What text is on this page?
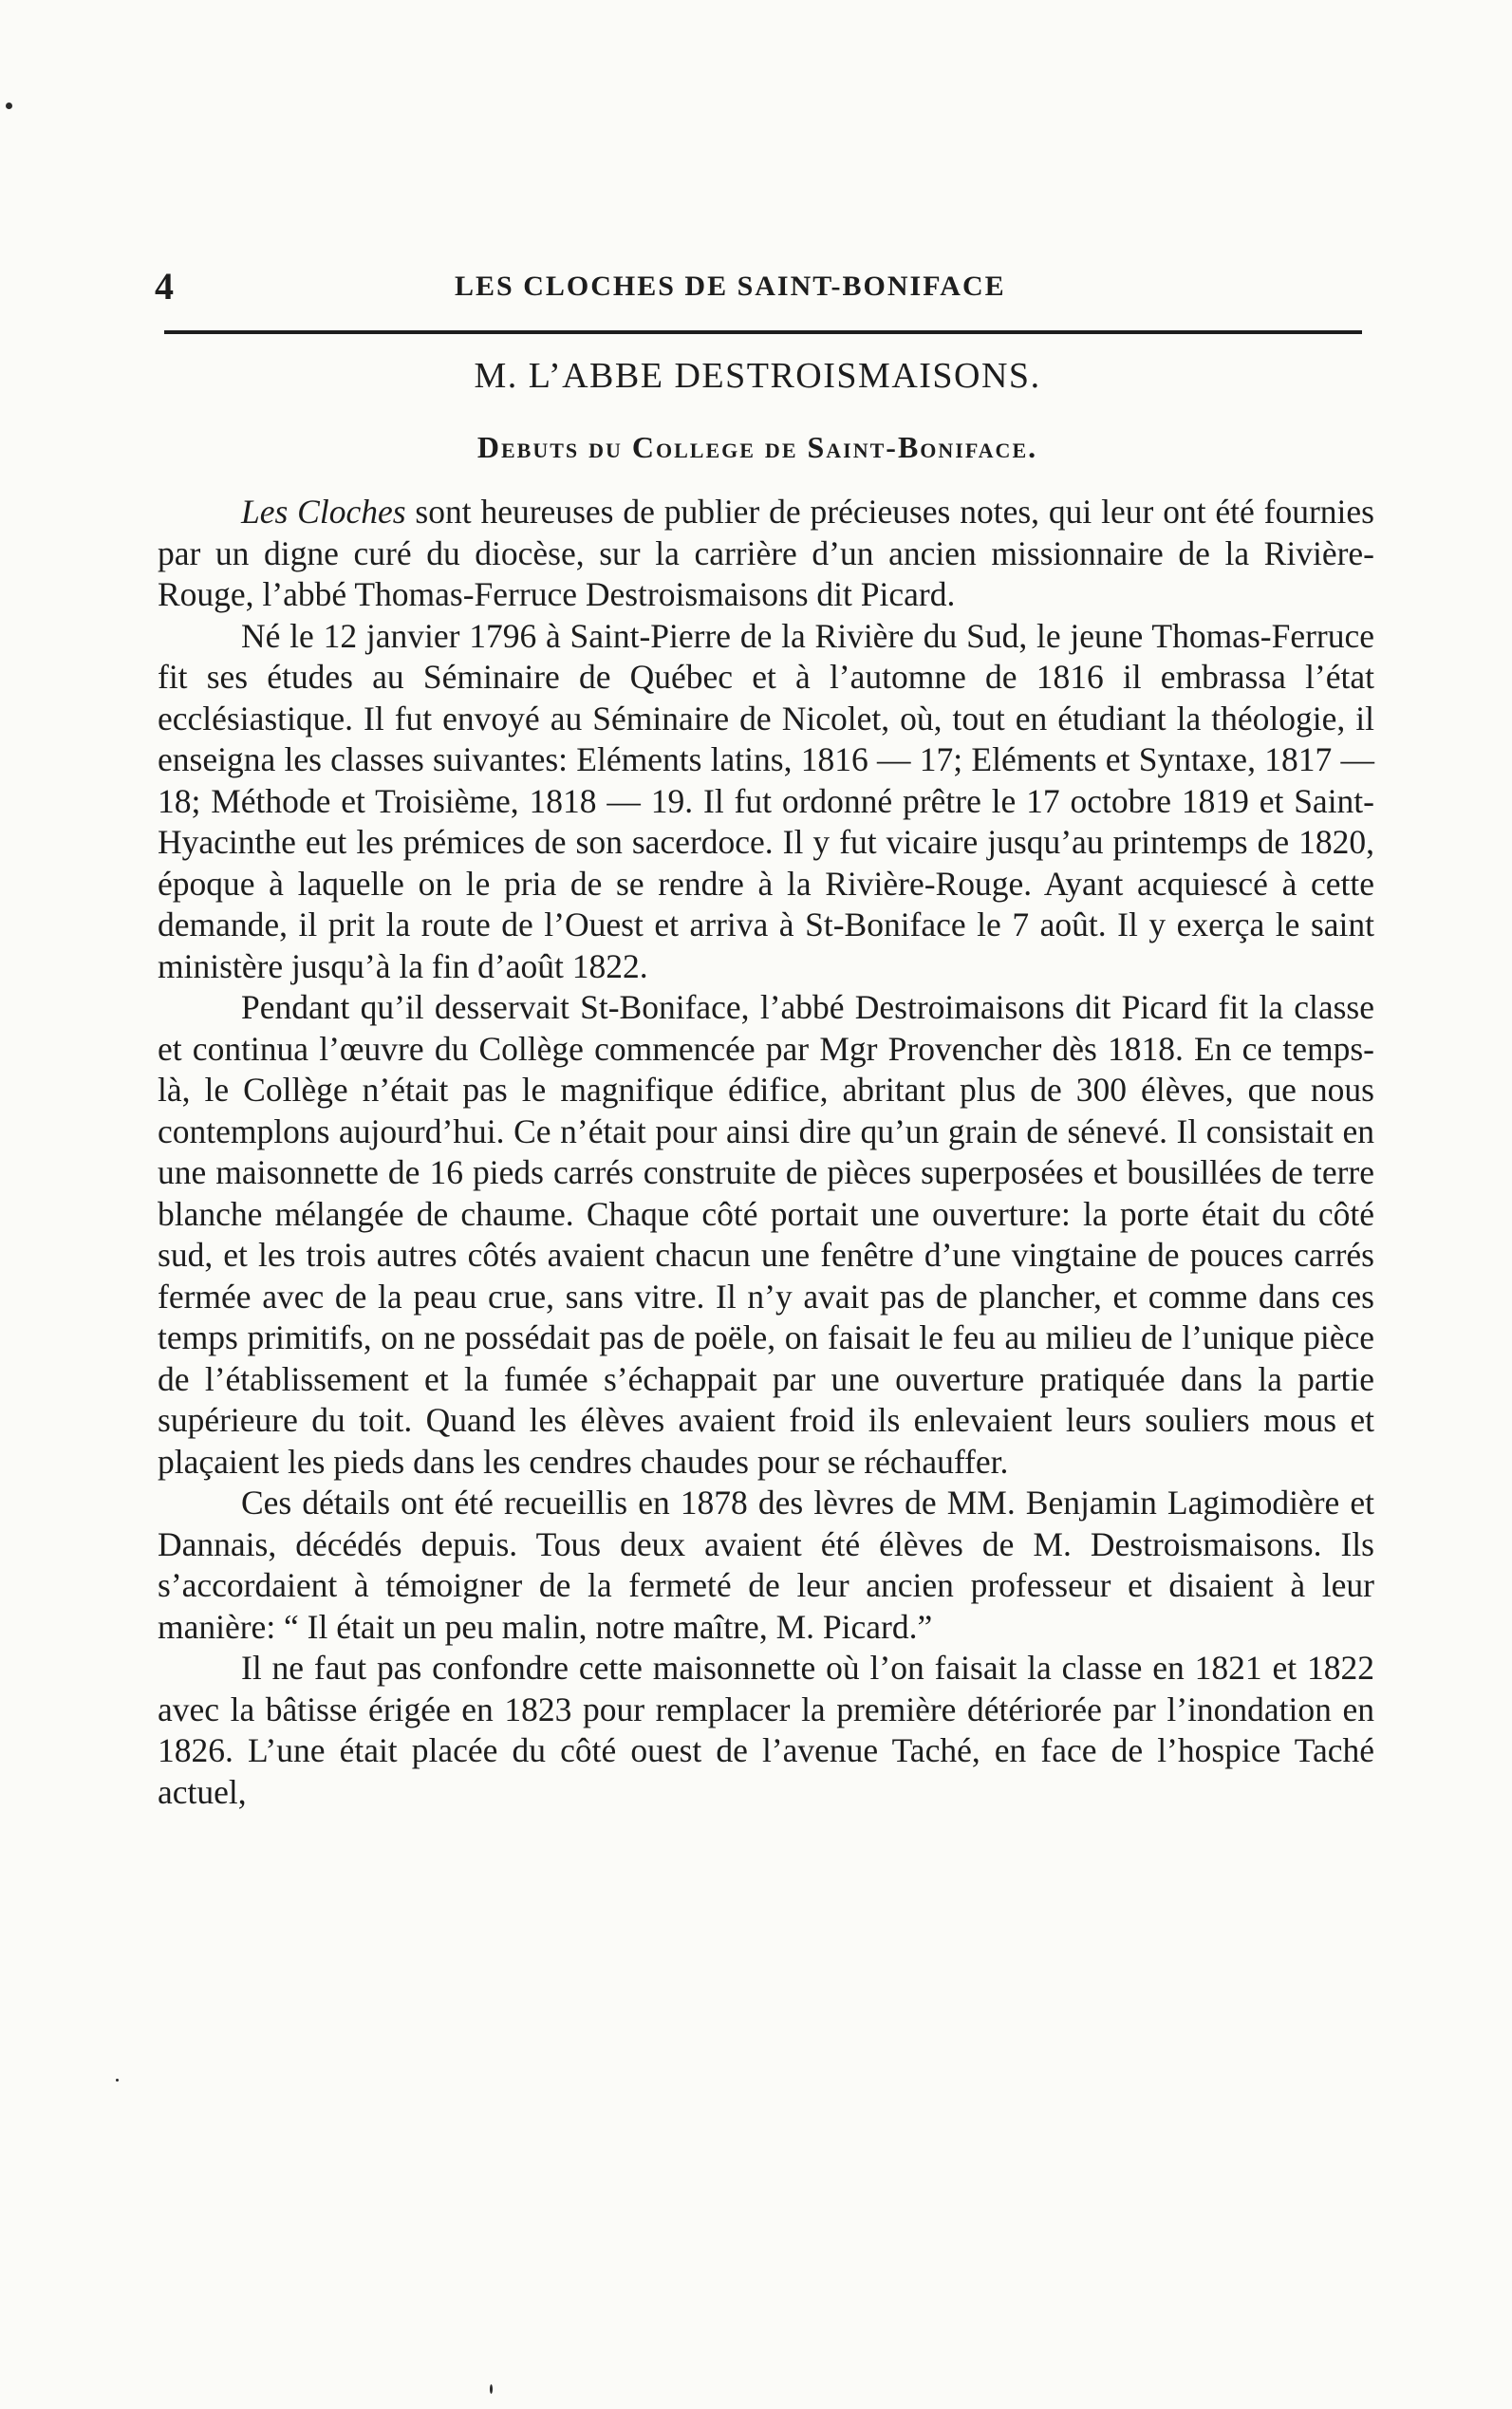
4	LES CLOCHES DE SAINT-BONIFACE
M. L’ABBE DESTROISMAISONS.
Debuts du College de Saint-Boniface.

Les Cloches sont heureuses de publier de précieuses notes, qui leur ont été fournies par un digne curé du diocèse, sur la carrière d’un ancien missionnaire de la Rivière-Rouge, l’abbé Thomas-Ferruce Destroismaisons dit Picard.

Né le 12 janvier 1796 à Saint-Pierre de la Rivière du Sud, le jeune Thomas-Ferruce fit ses études au Séminaire de Québec et à l’automne de 1816 il embrassa l’état ecclésiastique. Il fut envoyé au Séminaire de Nicolet, où, tout en étudiant la théologie, il enseigna les classes suivantes: Eléments latins, 1816 — 17; Eléments et Syntaxe, 1817 — 18; Méthode et Troisième, 1818 — 19. Il fut ordonné prêtre le 17 octobre 1819 et Saint-Hyacinthe eut les prémices de son sacerdoce. Il y fut vicaire jusqu’au printemps de 1820, époque à laquelle on le pria de se rendre à la Rivière-Rouge. Ayant acquiescé à cette demande, il prit la route de l’Ouest et arriva à St-Boniface le 7 août. Il y exerça le saint ministère jusqu’à la fin d’août 1822.

Pendant qu’il desservait St-Boniface, l’abbé Destroimaisons dit Picard fit la classe et continua l’œuvre du Collège commencée par Mgr Provencher dès 1818. En ce temps-là, le Collège n’était pas le magnifique édifice, abritant plus de 300 élèves, que nous contemplons aujourd’hui. Ce n’était pour ainsi dire qu’un grain de sénevé. Il consistait en une maisonnette de 16 pieds carrés construite de pièces superposées et bousillées de terre blanche mélangée de chaume. Chaque côté portait une ouverture: la porte était du côté sud, et les trois autres côtés avaient chacun une fenêtre d’une vingtaine de pouces carrés fermée avec de la peau crue, sans vitre. Il n’y avait pas de plancher, et comme dans ces temps primitifs, on ne possédait pas de poële, on faisait le feu au milieu de l’unique pièce de l’établissement et la fumée s’échappait par une ouverture pratiquée dans la partie supérieure du toit. Quand les élèves avaient froid ils enlevaient leurs souliers mous et plaçaient les pieds dans les cendres chaudes pour se réchauffer.

Ces détails ont été recueillis en 1878 des lèvres de MM. Benjamin Lagimodière et Dannais, décédés depuis. Tous deux avaient été élèves de M. Destroismaisons. Ils s’accordaient à témoigner de la fermeté de leur ancien professeur et disaient à leur manière: “ Il était un peu malin, notre maître, M. Picard.”

Il ne faut pas confondre cette maisonnette où l’on faisait la classe en 1821 et 1822 avec la bâtisse érigée en 1823 pour remplacer la première détériorée par l’inondation en 1826. L’une était placée du côté ouest de l’avenue Taché, en face de l’hospice Taché actuel,
